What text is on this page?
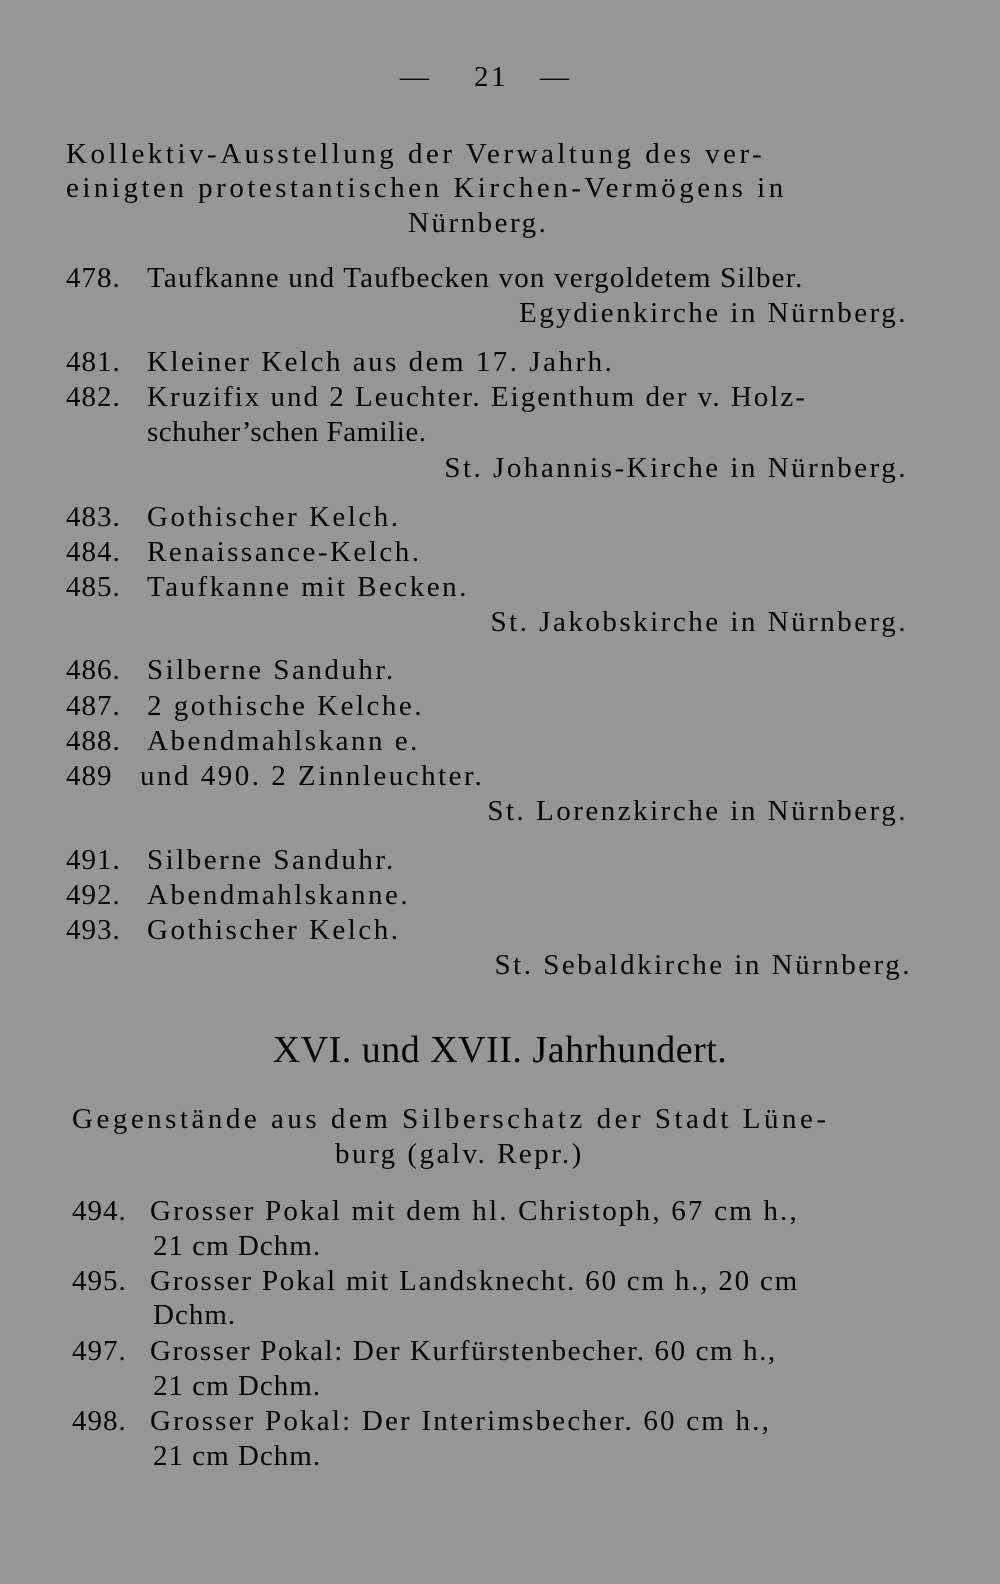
— 21 —
Kollektiv-Ausstellung der Verwaltung des ver-
einigten protestantischen Kirchen-Vermögens in
Nürnberg.
478. Taufkanne und Taufbecken von vergoldetem Silber.
Egydienkirche in Nürnberg.
481. Kleiner Kelch aus dem 17. Jahrh.
482. Kruzifix und 2 Leuchter. Eigenthum der v. Holz-
schuher’schen Familie.
St. Johannis-Kirche in Nürnberg.
483. Gothischer Kelch.
484. Renaissance-Kelch.
485. Taufkanne mit Becken.
St. Jakobskirche in Nürnberg.
486. Silberne Sanduhr.
487. 2 gothische Kelche.
488. Abendmahlskann e.
489 und 490. 2 Zinnleuchter.
St. Lorenzkirche in Nürnberg.
491. Silberne Sanduhr.
492. Abendmahlskanne.
493. Gothischer Kelch.
St. Sebaldkirche in Nürnberg.
XVI. und XVII. Jahrhundert.
Gegenstände aus dem Silberschatz der Stadt Lüne-
burg (galv. Repr.)
494. Grosser Pokal mit dem hl. Christoph, 67 cm h.,
21 cm Dchm.
495. Grosser Pokal mit Landsknecht. 60 cm h., 20 cm
Dchm.
497. Grosser Pokal: Der Kurfürstenbecher. 60 cm h.,
21 cm Dchm.
498. Grosser Pokal: Der Interimsbecher. 60 cm h.,
21 cm Dchm.
